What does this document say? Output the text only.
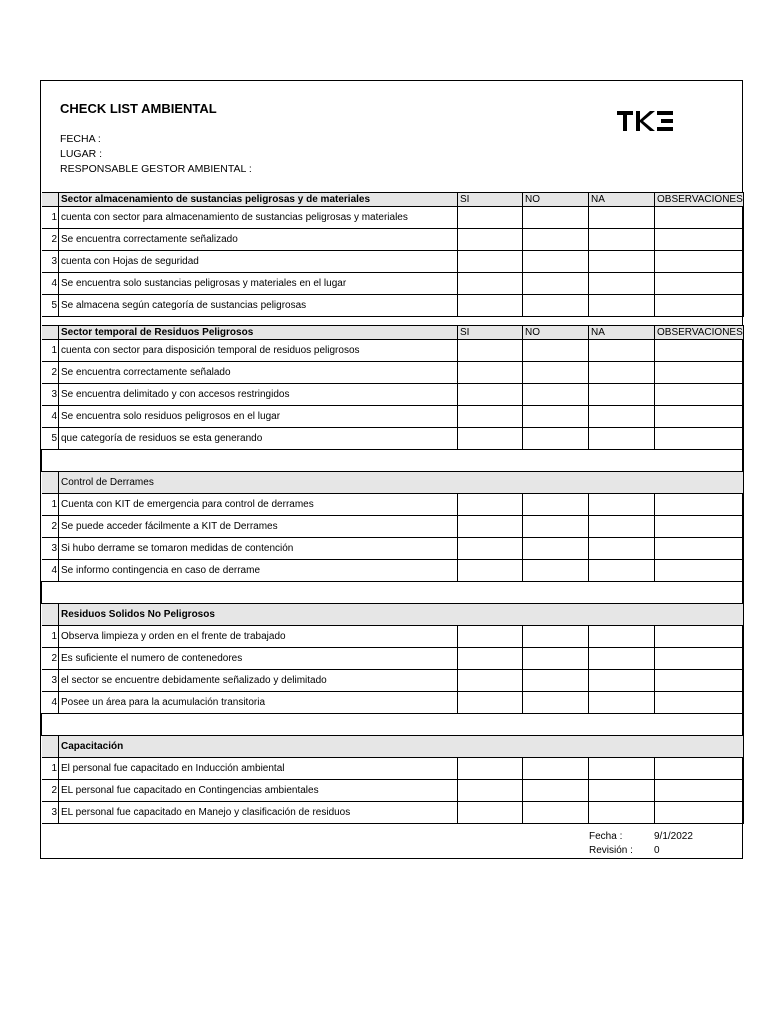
CHECK LIST AMBIENTAL
FECHA :
LUGAR :
RESPONSABLE GESTOR AMBIENTAL :
	Sector almacenamiento de sustancias peligrosas y de materiales	SI	NO	NA	OBSERVACIONES
1	cuenta con sector para almacenamiento de sustancias peligrosas y materiales				
2	Se encuentra correctamente señalizado				
3	cuenta con Hojas de seguridad				
4	Se encuentra solo sustancias peligrosas y materiales en el lugar				
5	Se almacena según categoría de sustancias peligrosas				

	Sector temporal de Residuos Peligrosos	SI	NO	NA	OBSERVACIONES
1	cuenta con sector para disposición temporal de residuos peligrosos				
2	Se encuentra correctamente señalado				
3	Se encuentra delimitado y con accesos restringidos				
4	Se encuentra solo residuos peligrosos en el lugar				
5	que categoría de residuos se esta generando				

	Control de Derrames				
1	Cuenta con KIT de emergencia para control de derrames				
2	Se puede acceder fácilmente a KIT de Derrames				
3	Si hubo derrame se tomaron medidas de contención				
4	Se informo contingencia en caso de derrame				

	Residuos Solidos No Peligrosos				
1	Observa limpieza y orden en el frente de trabajado				
2	Es suficiente el numero de contenedores				
3	el sector se encuentre debidamente señalizado y delimitado				
4	Posee un área para la acumulación transitoria				

	Capacitación				
1	El personal fue capacitado en Inducción ambiental				
2	EL personal fue capacitado en Contingencias ambientales				
3	EL personal fue capacitado en Manejo y clasificación de residuos				
Fecha :	9/1/2022
Revisión : 0
